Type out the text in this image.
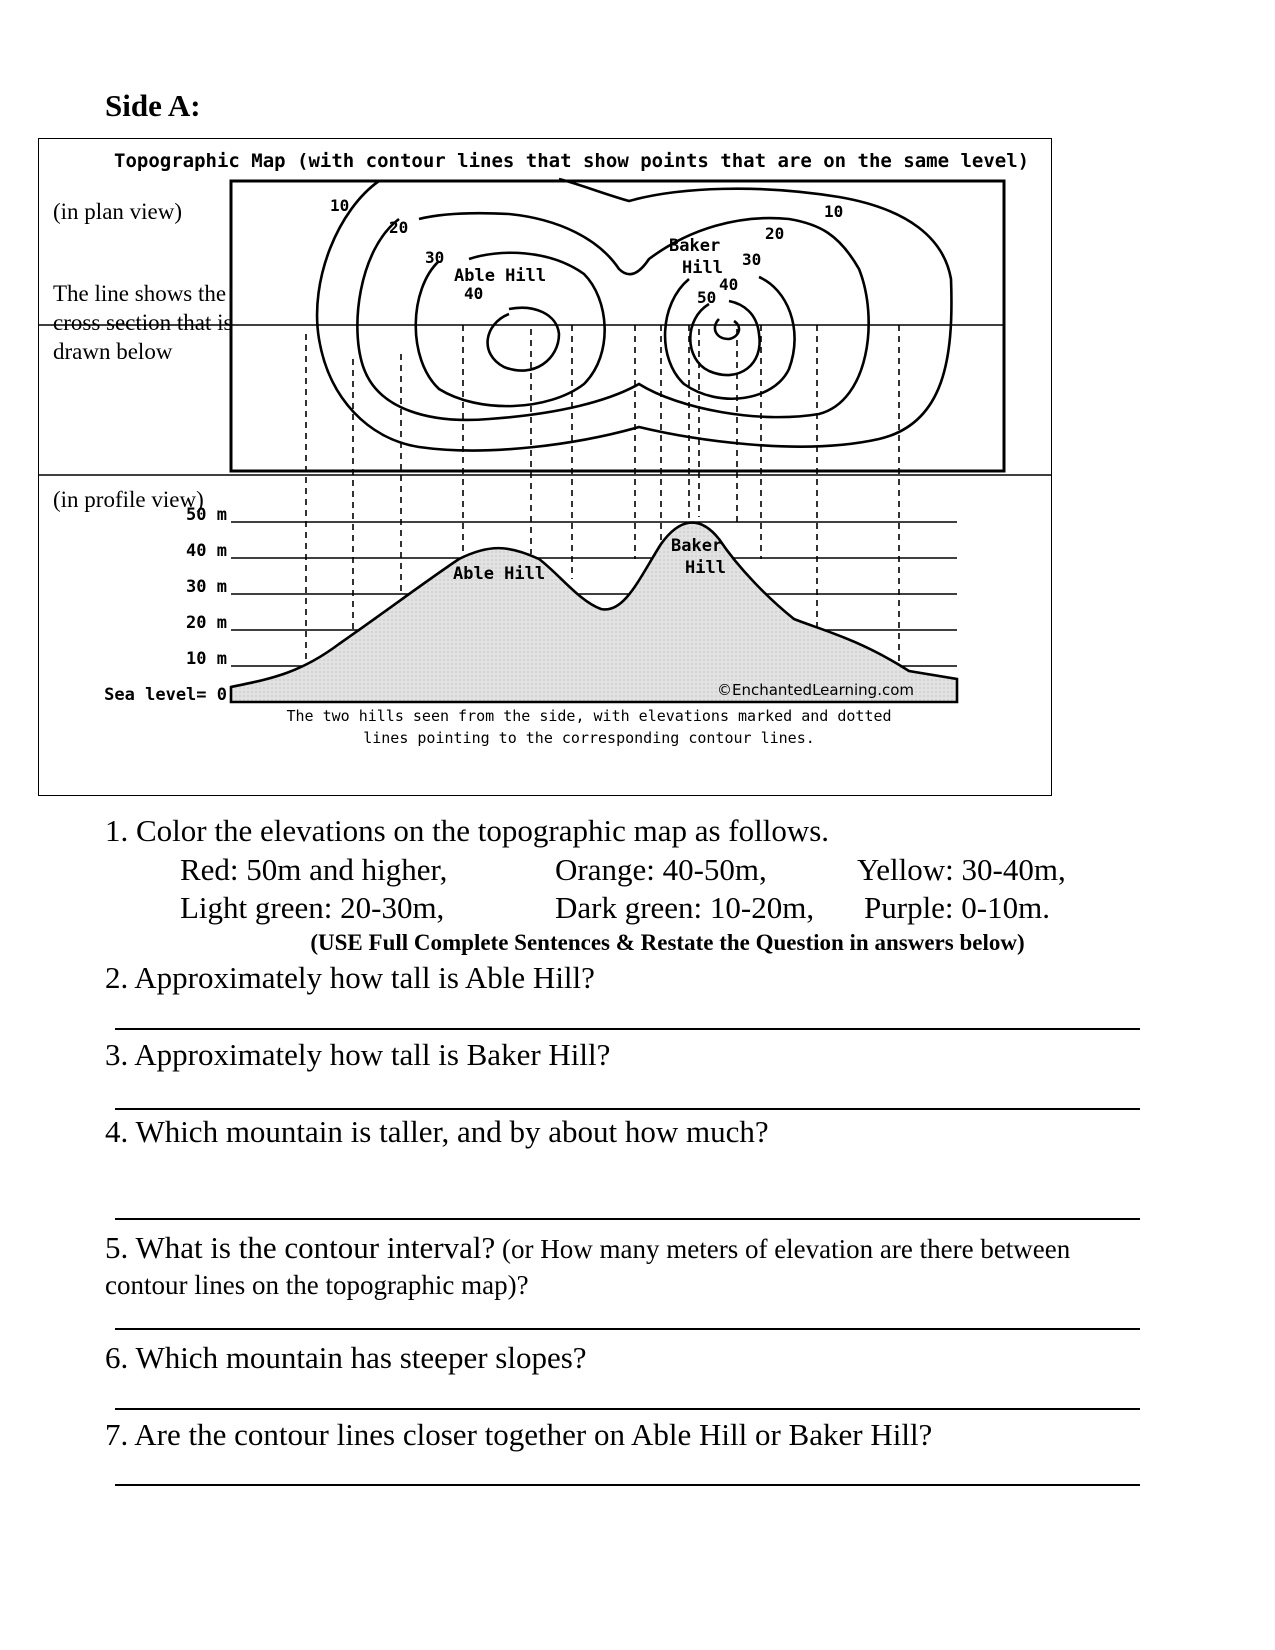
Side A:
Topographic Map (with contour lines that show points that are on the same level)
10
20
30
40
10
20
30
40
50
Able Hill
Baker
Hill
Able Hill
Baker
Hill
50 m
40 m
30 m
20 m
10 m
Sea level= 0	©EnchantedLearning.com
The two hills seen from the side, with elevations marked and dotted
lines pointing to the corresponding contour lines.
(in plan view)
The line shows the
cross section that is
drawn below
(in profile view)
1. Color the elevations on the topographic map as follows.
Red: 50m and higher,	Orange: 40-50m,	Yellow: 30-40m,
Light green: 20-30m,	Dark green: 10-20m, Purple: 0-10m.
(USE Full Complete Sentences & Restate the Question in answers below)
2. Approximately how tall is Able Hill?
3. Approximately how tall is Baker Hill?
4. Which mountain is taller, and by about how much?
5. What is the contour interval? (or How many meters of elevation are there between
contour lines on the topographic map)?
6. Which mountain has steeper slopes?
7. Are the contour lines closer together on Able Hill or Baker Hill?
